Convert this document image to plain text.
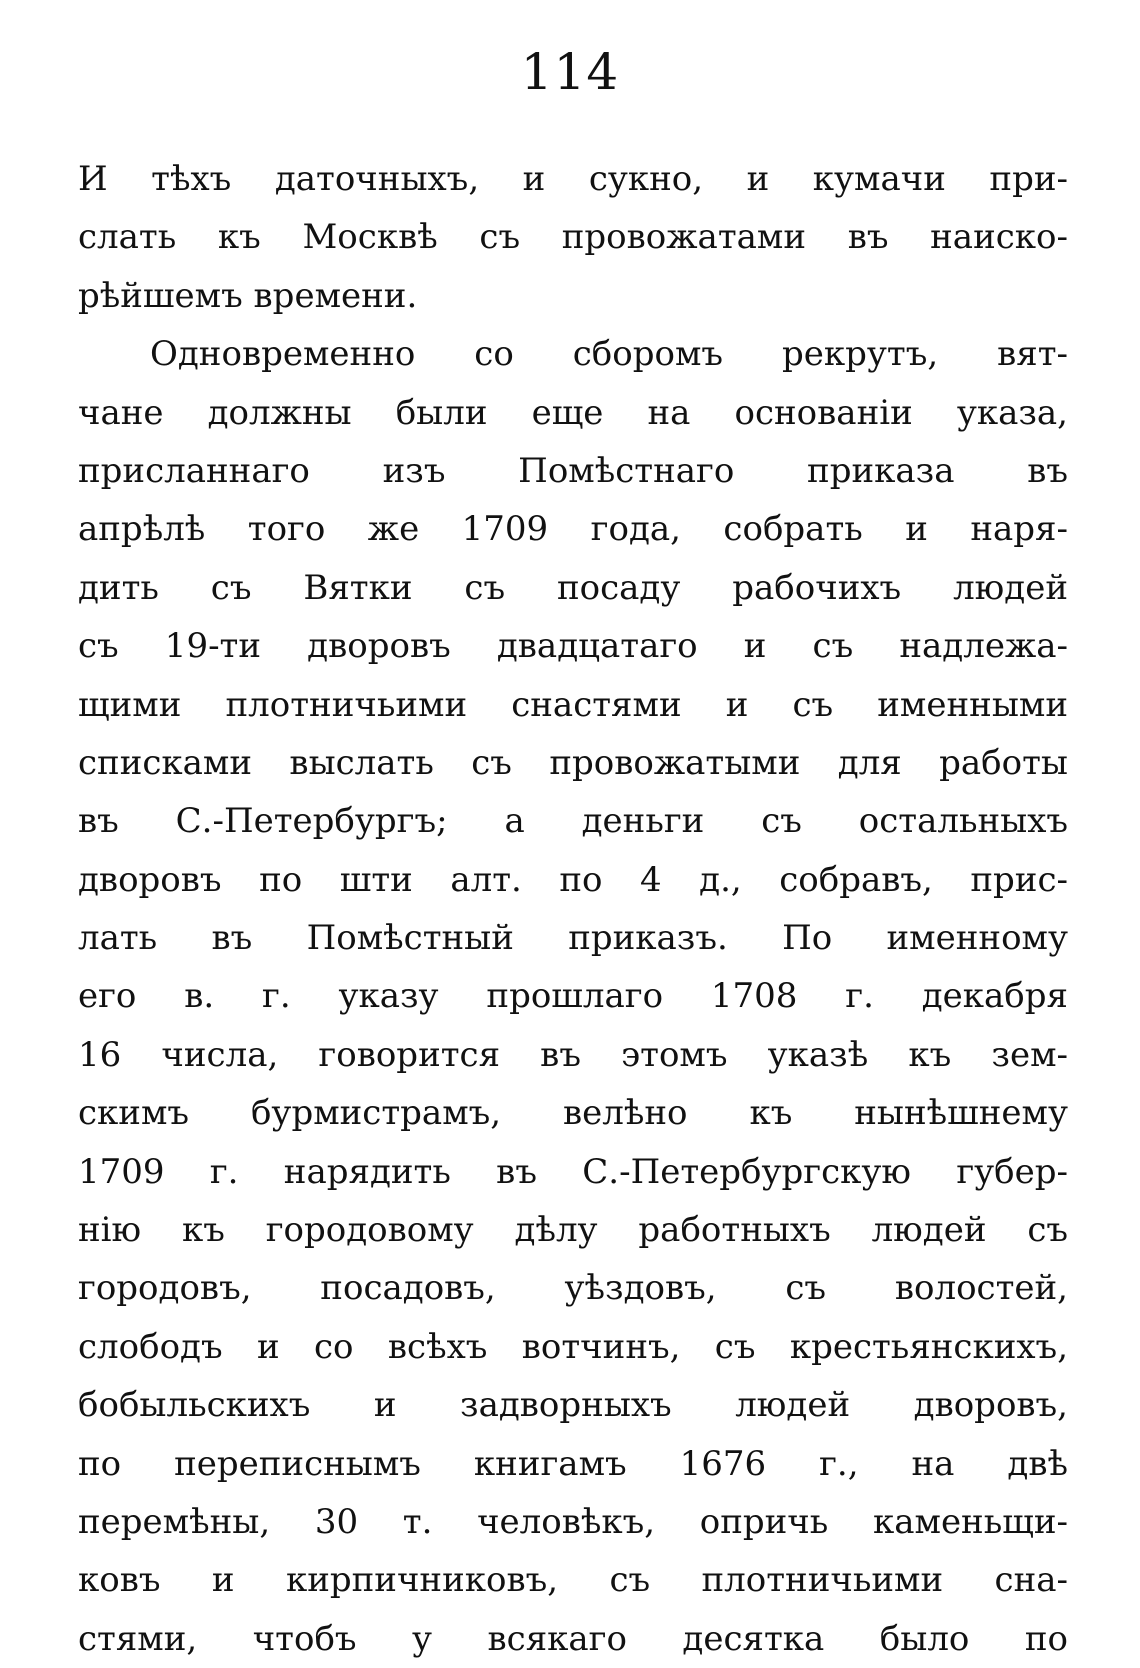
114
И тѣхъ даточныхъ, и сукно, и кумачи при-
слать къ Москвѣ съ провожатами въ наиско-
рѣйшемъ времени.
Одновременно со сборомъ рекрутъ, вят-
чане должны были еще на основаніи указа,
присланнаго изъ Помѣстнаго приказа въ
апрѣлѣ того же 1709 года, собрать и наря-
дить съ Вятки съ посаду рабочихъ людей
съ 19-ти дворовъ двадцатаго и съ надлежа-
щими плотничьими снастями и съ именными
списками выслать съ провожатыми для работы
въ С.-Петербургъ; а деньги съ остальныхъ
дворовъ по шти алт. по 4 д., собравъ, прис-
лать въ Помѣстный приказъ. По именному
его в. г. указу прошлаго 1708 г. декабря
16 числа, говорится въ этомъ указѣ къ зем-
скимъ бурмистрамъ, велѣно къ нынѣшнему
1709 г. нарядить въ С.-Петербургскую губер-
нію къ городовому дѣлу работныхъ людей съ
городовъ, посадовъ, уѣздовъ, съ волостей,
слободъ и со всѣхъ вотчинъ, съ крестьянскихъ,
бобыльскихъ и задворныхъ людей дворовъ,
по переписнымъ книгамъ 1676 г., на двѣ
перемѣны, 30 т. человѣкъ, опричь каменьщи-
ковъ и кирпичниковъ, съ плотничьими сна-
стями, чтобъ у всякаго десятка было по
